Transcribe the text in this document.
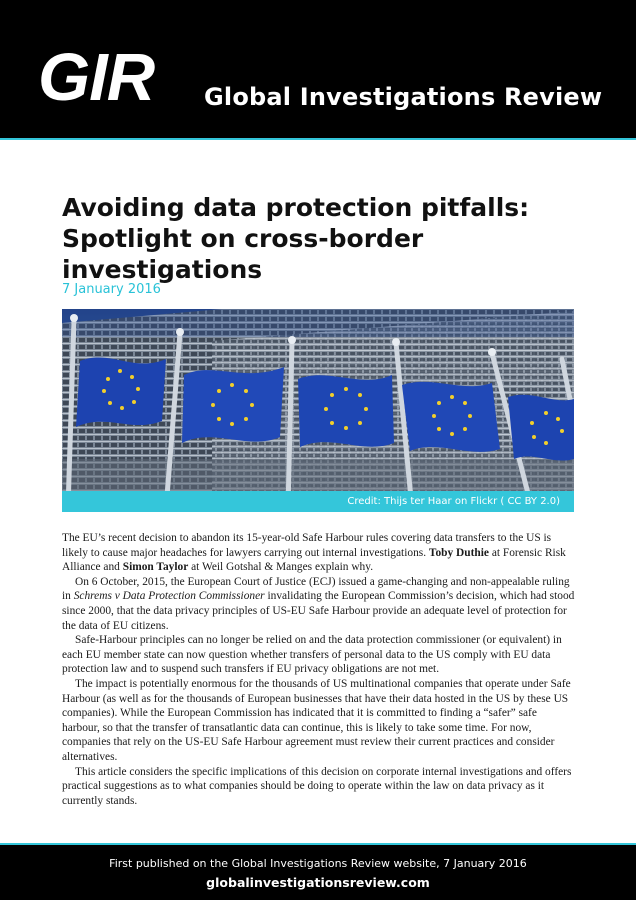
GIR Global Investigations Review
Avoiding data protection pitfalls: Spotlight on cross-border investigations
7 January 2016
Credit: Thijs ter Haar on Flickr ( CC BY 2.0)

The EU’s recent decision to abandon its 15-year-old Safe Harbour rules covering data transfers to the US is likely to cause major headaches for lawyers carrying out internal investigations. Toby Duthie at Forensic Risk Alliance and Simon Taylor at Weil Gotshal & Manges explain why.

On 6 October, 2015, the European Court of Justice (ECJ) issued a game-changing and non-appealable ruling in Schrems v Data Protection Commissioner invalidating the European Commission’s decision, which had stood since 2000, that the data privacy principles of US-EU Safe Harbour provide an adequate level of protection for the data of EU citizens.

Safe-Harbour principles can no longer be relied on and the data protection commissioner (or equivalent) in each EU member state can now question whether transfers of personal data to the US comply with EU data protection law and to suspend such transfers if EU privacy obligations are not met.

The impact is potentially enormous for the thousands of US multinational companies that operate under Safe Harbour (as well as for the thousands of European businesses that have their data hosted in the US by these US companies). While the European Commission has indicated that it is committed to finding a “safer” safe harbour, so that the transfer of transatlantic data can continue, this is likely to take some time. For now, companies that rely on the US-EU Safe Harbour agreement must review their current practices and consider alternatives.

This article considers the specific implications of this decision on corporate internal investigations and offers practical suggestions as to what companies should be doing to operate within the law on data privacy as it currently stands.

First published on the Global Investigations Review website, 7 January 2016
globalinvestigationsreview.com
